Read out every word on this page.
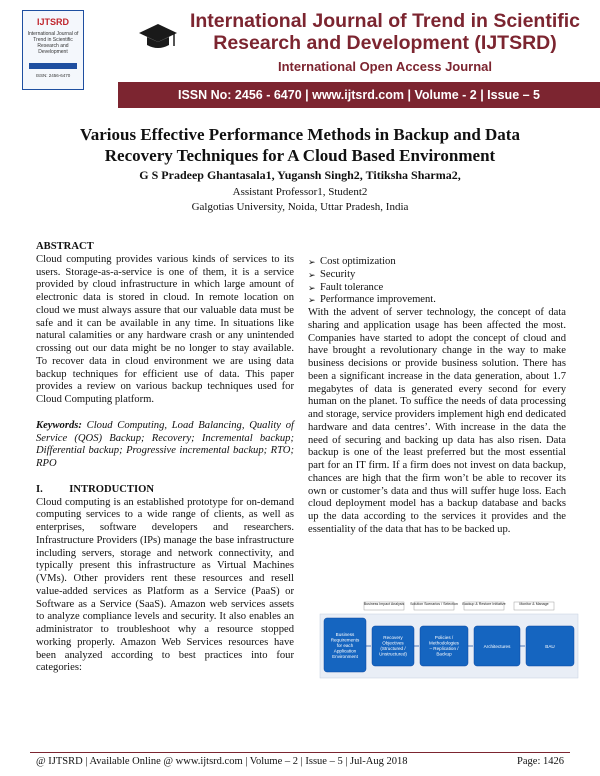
IJTSRD
International Journal of Trend in Scientific Research and Development
ISSN: 2456-6470
International Journal of Trend in Scientific
Research and Development (IJTSRD)
International Open Access Journal
ISSN No: 2456 - 6470 | www.ijtsrd.com | Volume - 2 | Issue – 5
Various Effective Performance Methods in Backup and Data
Recovery Techniques for A Cloud Based Environment
G S Pradeep Ghantasala1, Yugansh Singh2, Titiksha Sharma2,
Assistant Professor1, Student2
Galgotias University, Noida, Uttar Pradesh, India
ABSTRACT

Cloud computing provides various kinds of services to its users. Storage-as-a-service is one of them, it is a service provided by cloud infrastructure in which large amount of electronic data is stored in cloud. In remote location on cloud we must always assure that our valuable data must be safe and it can be available in any time. In situations like natural calamities or any hardware crash or any unintended crossing out our data might be no longer to stay available. To recover data in cloud environment we are using data backup techniques for efficient use of data. This paper provides a review on various backup techniques used for Cloud Computing platform.

Keywords: Cloud Computing, Load Balancing, Quality of Service (QOS) Backup; Recovery; Incremental backup; Differential backup; Progressive incremental backup; RTO; RPO

I.          INTRODUCTION

Cloud computing is an established prototype for on-demand computing services to a wide range of clients, as well as enterprises, software developers and researchers. Infrastructure Providers (IPs) manage the base infrastructure including servers, storage and network connectivity, and typically present this infrastructure as Virtual Machines (VMs). Other providers rent these resources and resell value-added services as Platform as a Service (PaaS) or Software as a Service (SaaS). Amazon web services assets to analyze compliance levels and security. It also enables an administrator to troubleshoot why a resource stopped working properly. Amazon Web Services resources have been analyzed according to best practices into four categories:

➢ Cost optimization
➢ Security
➢ Fault tolerance
➢ Performance improvement.

With the advent of server technology, the concept of data sharing and application usage has been affected the most. Companies have started to adopt the concept of cloud and have brought a revolutionary change in the way to make business decisions or provide business solution. There has been a significant increase in the data generation, about 1.7 megabytes of data is generated every second for every human on the planet. To suffice the needs of data processing and storage, service providers implement high end dedicated hardware and data centres’. With increase in the data the need of securing and backing up data has also risen. Data backup is one of the least preferred but the most essential part for an IT firm. If a firm does not invest on data backup, chances are high that the firm won’t be able to recover its own or customer’s data and thus will suffer huge loss. Each cloud deployment model has a backup database and backs up the data according to the services it provides and the essentiality of the data that has to be backed up.

Business Impact Analysis Solution Scenarios / Selection Backup & Restore Initiative	Monitor & Manage
Business Requirements for each Application Environment
Recovery Objectives (Structured / Unstructured)
Policies / Methodologies – Replication / Backup
Architectures	BAU
@ IJTSRD | Available Online @ www.ijtsrd.com | Volume – 2 | Issue – 5 | Jul-Aug 2018	Page: 1426
